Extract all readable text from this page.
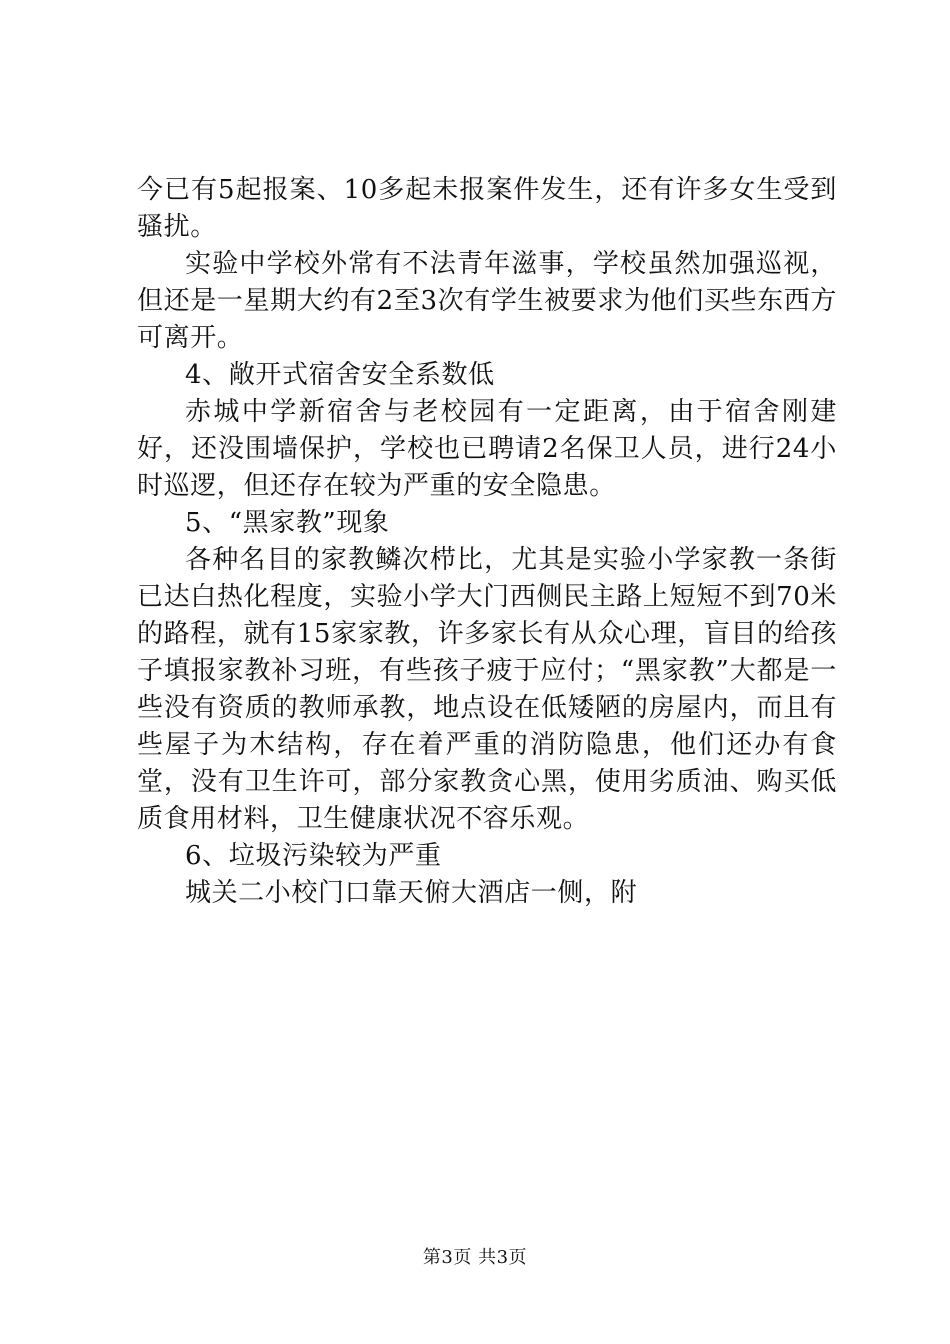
今已有5起报案、10多起未报案件发生，还有许多女生受到骚扰。

实验中学校外常有不法青年滋事，学校虽然加强巡视，但还是一星期大约有2至3次有学生被要求为他们买些东西方可离开。

4、敞开式宿舍安全系数低

赤城中学新宿舍与老校园有一定距离，由于宿舍刚建好，还没围墙保护，学校也已聘请2名保卫人员，进行24小时巡逻，但还存在较为严重的安全隐患。

5、“黑家教”现象

各种名目的家教鳞次栉比，尤其是实验小学家教一条街已达白热化程度，实验小学大门西侧民主路上短短不到70米的路程，就有15家家教，许多家长有从众心理，盲目的给孩子填报家教补习班，有些孩子疲于应付；“黑家教”大都是一些没有资质的教师承教，地点设在低矮陋的房屋内，而且有些屋子为木结构，存在着严重的消防隐患，他们还办有食堂，没有卫生许可，部分家教贪心黑，使用劣质油、购买低质食用材料，卫生健康状况不容乐观。

6、垃圾污染较为严重

城关二小校门口靠天俯大酒店一侧，附

第3页 共3页
